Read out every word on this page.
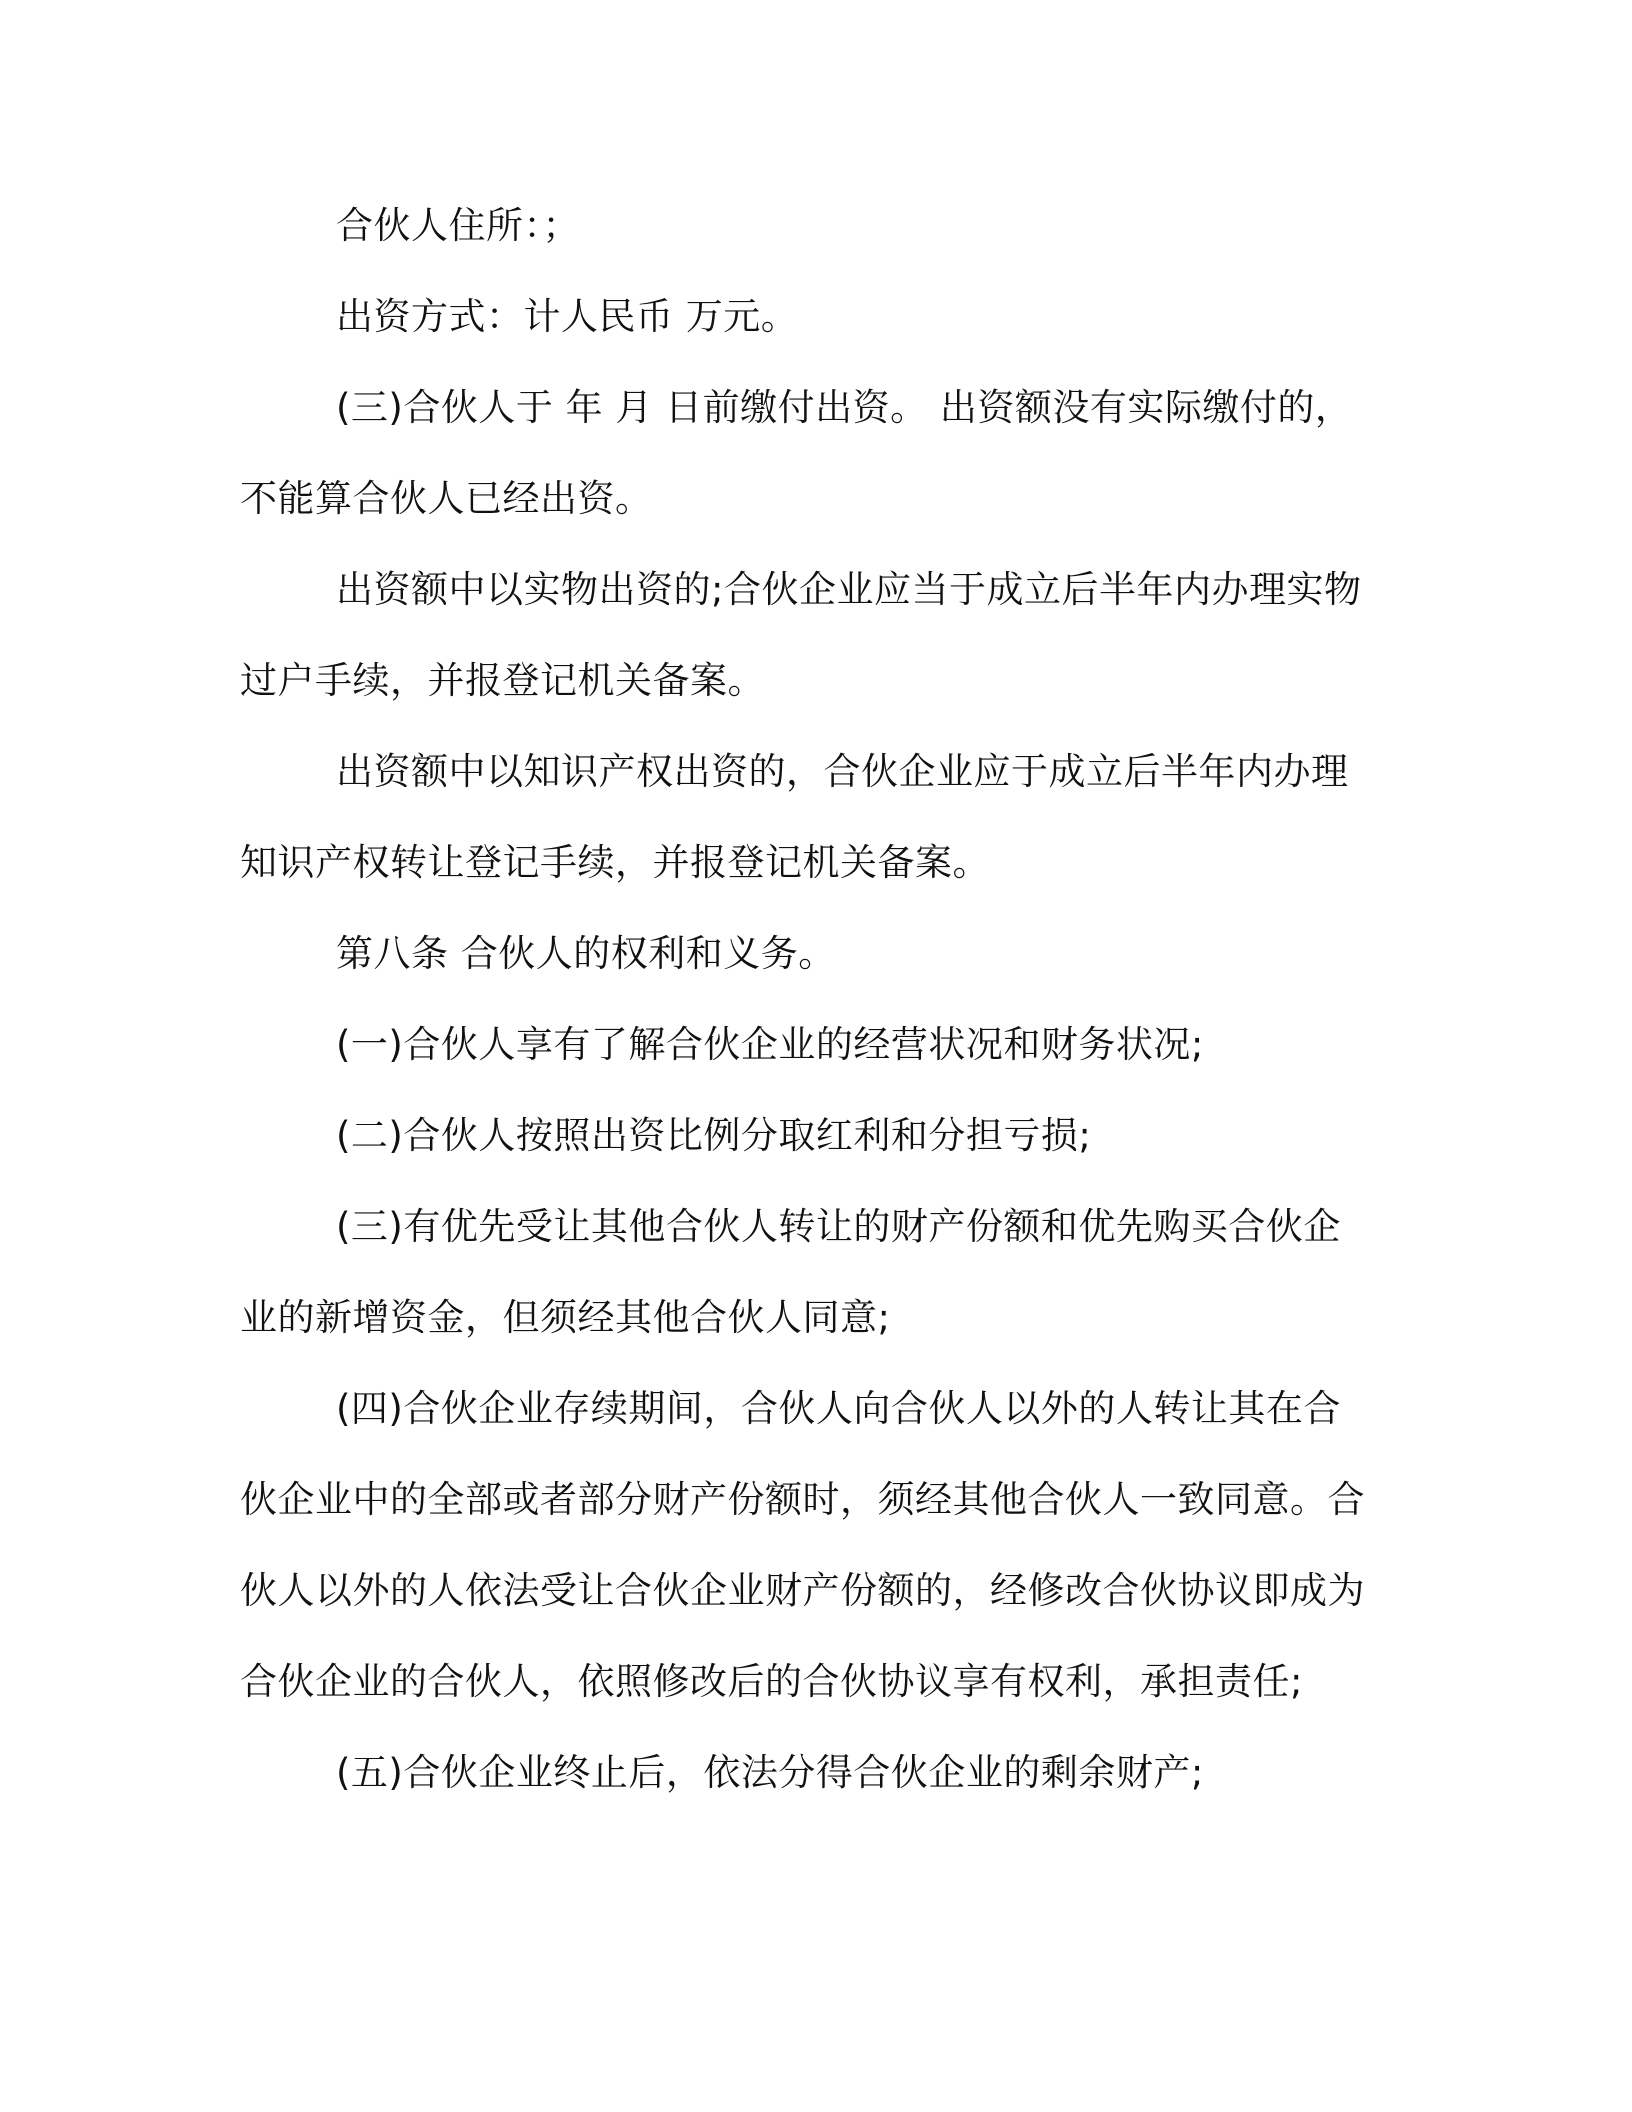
合伙人住所：；

出资方式：计人民币 万元。

(三)合伙人于 年 月 日前缴付出资。 出资额没有实际缴付的，不能算合伙人已经出资。

出资额中以实物出资的;合伙企业应当于成立后半年内办理实物过户手续，并报登记机关备案。

出资额中以知识产权出资的，合伙企业应于成立后半年内办理知识产权转让登记手续，并报登记机关备案。

第八条 合伙人的权利和义务。

(一)合伙人享有了解合伙企业的经营状况和财务状况;

(二)合伙人按照出资比例分取红利和分担亏损;

(三)有优先受让其他合伙人转让的财产份额和优先购买合伙企业的新增资金，但须经其他合伙人同意;

(四)合伙企业存续期间，合伙人向合伙人以外的人转让其在合伙企业中的全部或者部分财产份额时，须经其他合伙人一致同意。合伙人以外的人依法受让合伙企业财产份额的，经修改合伙协议即成为合伙企业的合伙人，依照修改后的合伙协议享有权利，承担责任;

(五)合伙企业终止后，依法分得合伙企业的剩余财产;
